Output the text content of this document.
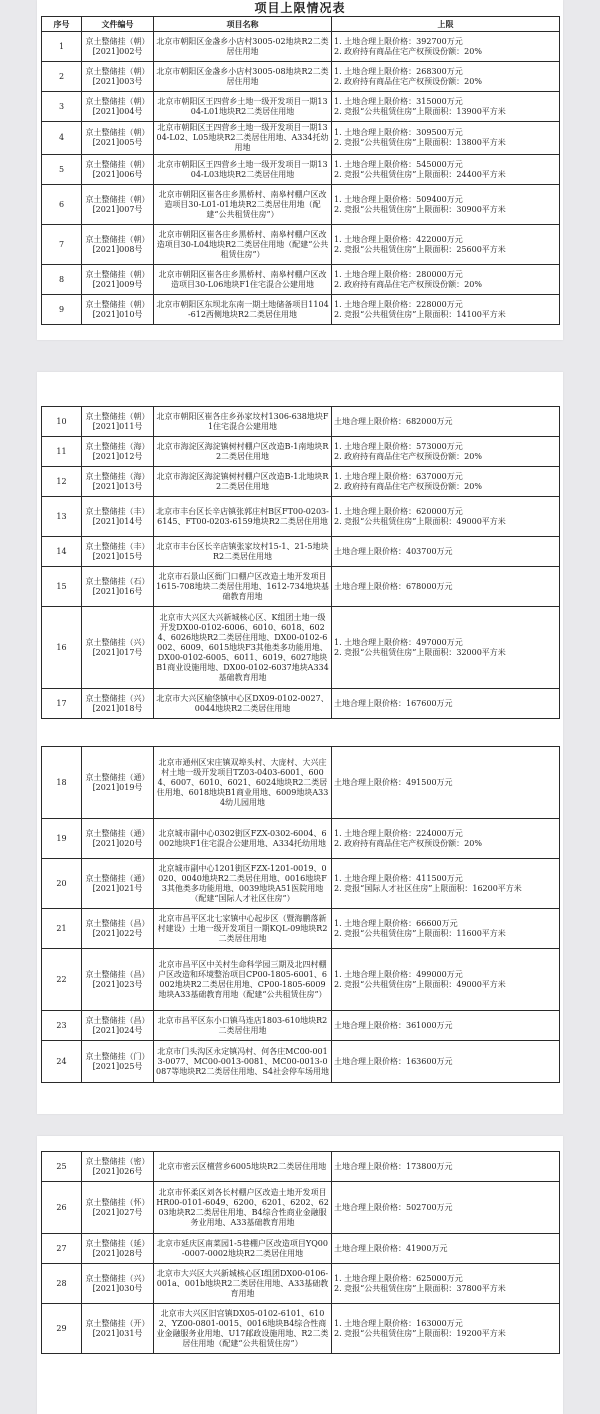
项目上限情况表
序号	文件编号	项目名称	上限
1	京土整储挂（朝）[2021]002号	北京市朝阳区金盏乡小店村3005-02地块R2二类居住用地	1. 土地合理上限价格：392700万元
2. 政府持有商品住宅产权预设份额：20%

2	京土整储挂（朝）[2021]003号	北京市朝阳区金盏乡小店村3005-08地块R2二类居住用地	1. 土地合理上限价格：268300万元
2. 政府持有商品住宅产权预设份额：20%

3	京土整储挂（朝）[2021]004号	北京市朝阳区王四营乡土地一级开发项目一期1304-L01地块R2二类居住用地	1. 土地合理上限价格：315000万元
2. 竞报“公共租赁住房”上限面积：13900平方米

4	京土整储挂（朝）[2021]005号	北京市朝阳区王四营乡土地一级开发项目一期1304-L02、L05地块R2二类居住用地、A334托幼用地	1. 土地合理上限价格：309500万元
2. 竞报“公共租赁住房”上限面积：13800平方米

5	京土整储挂（朝）[2021]006号	北京市朝阳区王四营乡土地一级开发项目一期1304-L03地块R2二类居住用地	1. 土地合理上限价格：545000万元
2. 竞报“公共租赁住房”上限面积：24400平方米

6	京土整储挂（朝）[2021]007号	北京市朝阳区崔各庄乡黑桥村、南皋村棚户区改造项目30-L01-01地块R2二类居住用地（配建“公共租赁住房”）	1. 土地合理上限价格：509400万元
2. 竞报“公共租赁住房”上限面积：30900平方米

7	京土整储挂（朝）[2021]008号	北京市朝阳区崔各庄乡黑桥村、南皋村棚户区改造项目30-L04地块R2二类居住用地（配建“公共租赁住房”）	1. 土地合理上限价格：422000万元
2. 竞报“公共租赁住房”上限面积：25600平方米

8	京土整储挂（朝）[2021]009号	北京市朝阳区崔各庄乡黑桥村、南皋村棚户区改造项目30-L06地块F1住宅混合公建用地	1. 土地合理上限价格：280000万元
2. 政府持有商品住宅产权预设份额：20%

9	京土整储挂（朝）[2021]010号	北京市朝阳区东坝北东南一期土地储备项目1104-612西侧地块R2二类居住用地	1. 土地合理上限价格：228000万元
2. 竞报“公共租赁住房”上限面积：14100平方米
10	京土整储挂（朝）[2021]011号	北京市朝阳区崔各庄乡孙家坟村1306-638地块F1住宅混合公建用地	土地合理上限价格：682000万元

11	京土整储挂（海）[2021]012号	北京市海淀区海淀镇树村棚户区改造B-1南地块R2二类居住用地	1. 土地合理上限价格：573000万元
2. 政府持有商品住宅产权预设份额：20%

12	京土整储挂（海）[2021]013号	北京市海淀区海淀镇树村棚户区改造B-1北地块R2二类居住用地	1. 土地合理上限价格：637000万元
2. 政府持有商品住宅产权预设份额：20%

13	京土整储挂（丰）[2021]014号	北京市丰台区长辛店镇张郭庄村B区FT00-0203-6145、FT00-0203-6159地块R2二类居住用地	1. 土地合理上限价格：620000万元
2. 竞报“公共租赁住房”上限面积：49000平方米

14	京土整储挂（丰）[2021]015号	北京市丰台区长辛店镇张家坟村15-1、21-5地块R2二类居住用地	土地合理上限价格：403700万元

15	京土整储挂（石）[2021]016号	北京市石景山区衙门口棚户区改造土地开发项目1615-708地块二类居住用地、1612-734地块基础教育用地	土地合理上限价格：678000万元

16	京土整储挂（兴）[2021]017号	北京市大兴区大兴新城核心区、K组团土地一级开发DX00-0102-6006、6010、6018、6024、6026地块R2二类居住用地、DX00-0102-6002、6009、6015地块F3其他类多功能用地、DX00-0102-6005、6011、6019、6027地块B1商业设施用地、DX00-0102-6037地块A334基础教育用地	1. 土地合理上限价格：497000万元
2. 竞报“公共租赁住房”上限面积：32000平方米

17	京土整储挂（兴）[2021]018号	北京市大兴区榆垡镇中心区DX09-0102-0027、0044地块R2二类居住用地	土地合理上限价格：167600万元
18	京土整储挂（通）[2021]019号	北京市通州区宋庄镇双埠头村、大庞村、大兴庄村土地一级开发项目TZ03-0403-6001、6004、6007、6010、6021、6024地块R2二类居住用地、6018地块B1商业用地、6009地块A334幼儿园用地	土地合理上限价格：491500万元

19	京土整储挂（通）[2021]020号	北京城市副中心0302街区FZX-0302-6004、6002地块F1住宅混合公建用地、A334托幼用地	1. 土地合理上限价格：224000万元
2. 政府持有商品住宅产权预设份额：20%

20	京土整储挂（通）[2021]021号	北京城市副中心1201街区FZX-1201-0019、0020、0040地块R2二类居住用地、0016地块F3其他类多功能用地、0039地块A51医院用地（配建“国际人才社区住房”）	1. 土地合理上限价格：411500万元
2. 竞报“国际人才社区住房”上限面积：16200平方米

21	京土整储挂（昌）[2021]022号	北京市昌平区北七家镇中心起步区（暨海鹏落新村建设）土地一级开发项目一期KQL-09地块R2二类居住用地	1. 土地合理上限价格：66600万元
2. 竞报“公共租赁住房”上限面积：11600平方米

22	京土整储挂（昌）[2021]023号	北京市昌平区中关村生命科学园三期及北四村棚户区改造和环境整治项目CP00-1805-6001、6002地块R2二类居住用地、CP00-1805-6009地块A33基础教育用地（配建“公共租赁住房”）	1. 土地合理上限价格：499000万元
2. 竞报“公共租赁住房”上限面积：49000平方米

23	京土整储挂（昌）[2021]024号	北京市昌平区东小口镇马连店1803-610地块R2二类居住用地	土地合理上限价格：361000万元

24	京土整储挂（门）[2021]025号	北京市门头沟区永定镇冯村、何各庄MC00-0013-0077、MC00-0013-0081、MC00-0013-0087等地块R2二类居住用地、S4社会停车场用地	土地合理上限价格：163600万元
25	京土整储挂（密）[2021]026号	北京市密云区檀营乡6005地块R2二类居住用地	土地合理上限价格：173800万元

26	京土整储挂（怀）[2021]027号	北京市怀柔区刘各长村棚户区改造土地开发项目HR00-0101-6049、6200、6201、6202、6203地块R2二类居住用地、B4综合性商业金融服务业用地、A33基础教育用地	土地合理上限价格：502700万元

27	京土整储挂（延）[2021]028号	北京市延庆区南菜园1-5巷棚户区改造项目YQ00-0007-0002地块R2二类居住用地	土地合理上限价格：41900万元

28	京土整储挂（兴）[2021]030号	北京市大兴区大兴新城核心区I组团DX00-0106-001a、001b地块R2二类居住用地、A33基础教育用地	1. 土地合理上限价格：625000万元
2. 竞报“公共租赁住房”上限面积：37800平方米

29	京土整储挂（开）[2021]031号	北京市大兴区旧宫镇DX05-0102-6101、6102、YZ00-0801-0015、0016地块B4综合性商业金融服务业用地、U17邮政设施用地、R2二类居住用地（配建“公共租赁住房”）	1. 土地合理上限价格：163000万元
2. 竞报“公共租赁住房”上限面积：19200平方米
